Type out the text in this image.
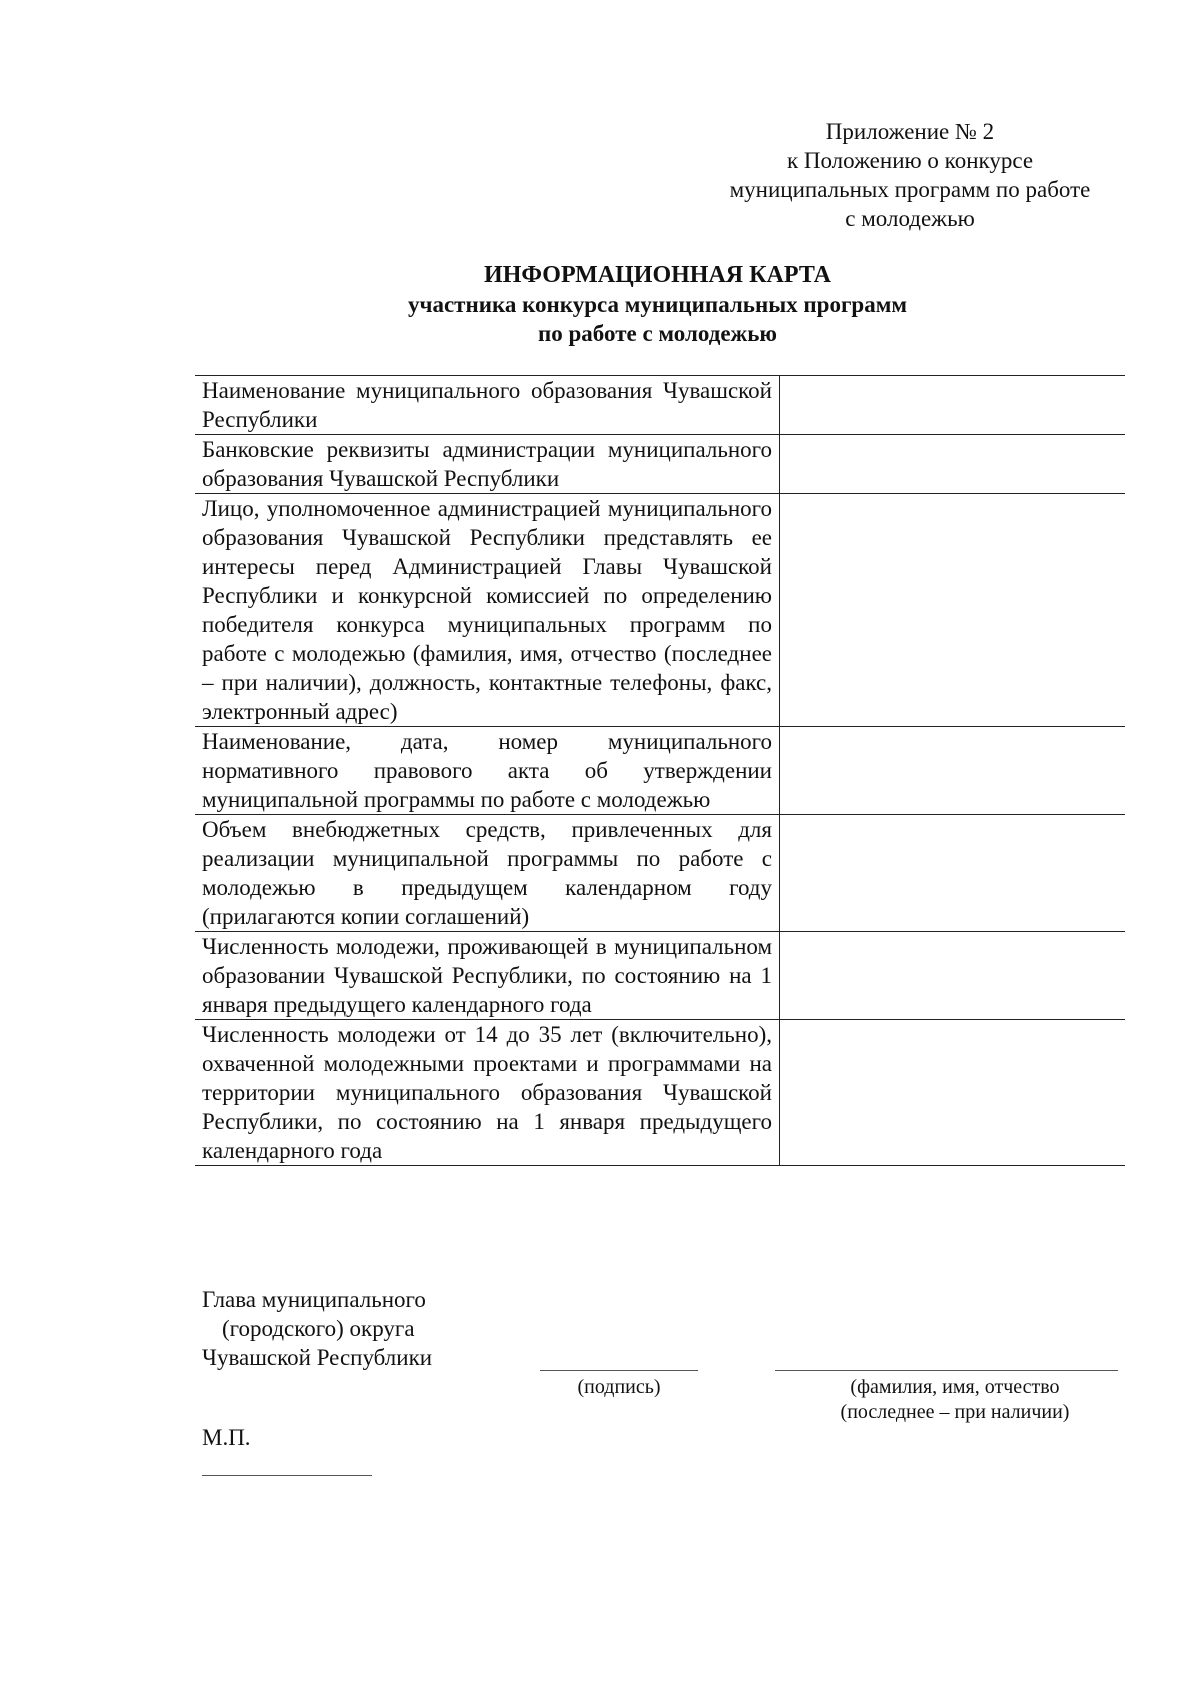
Приложение № 2
к Положению о конкурсе
муниципальных программ по работе
с молодежью
ИНФОРМАЦИОННАЯ КАРТА
участника конкурса муниципальных программ
по работе с молодежью
Наименование муниципального образования Чувашской Республики	
Банковские реквизиты администрации муниципального образования Чувашской Республики	
Лицо, уполномоченное администрацией муниципального образования Чувашской Республики представлять ее интересы перед Администрацией Главы Чувашской Республики и конкурсной комиссией по определению победителя конкурса муниципальных программ по работе с молодежью (фамилия, имя, отчество (последнее – при наличии), должность, контактные телефоны, факс, электронный адрес)	
Наименование, дата, номер муниципального нормативного правового акта об утверждении муниципальной программы по работе с молодежью	
Объем внебюджетных средств, привлеченных для реализации муниципальной программы по работе с молодежью в предыдущем календарном году (прилагаются копии соглашений)	
Численность молодежи, проживающей в муниципальном образовании Чувашской Республики, по состоянию на 1 января предыдущего календарного года	
Численность молодежи от 14 до 35 лет (включительно), охваченной молодежными проектами и программами на территории муниципального образования Чувашской Республики, по состоянию на 1 января предыдущего календарного года	
Глава муниципального
(городского) округа
Чувашской Республики
(подпись)	(фамилия, имя, отчество
(последнее – при наличии)
М.П.
